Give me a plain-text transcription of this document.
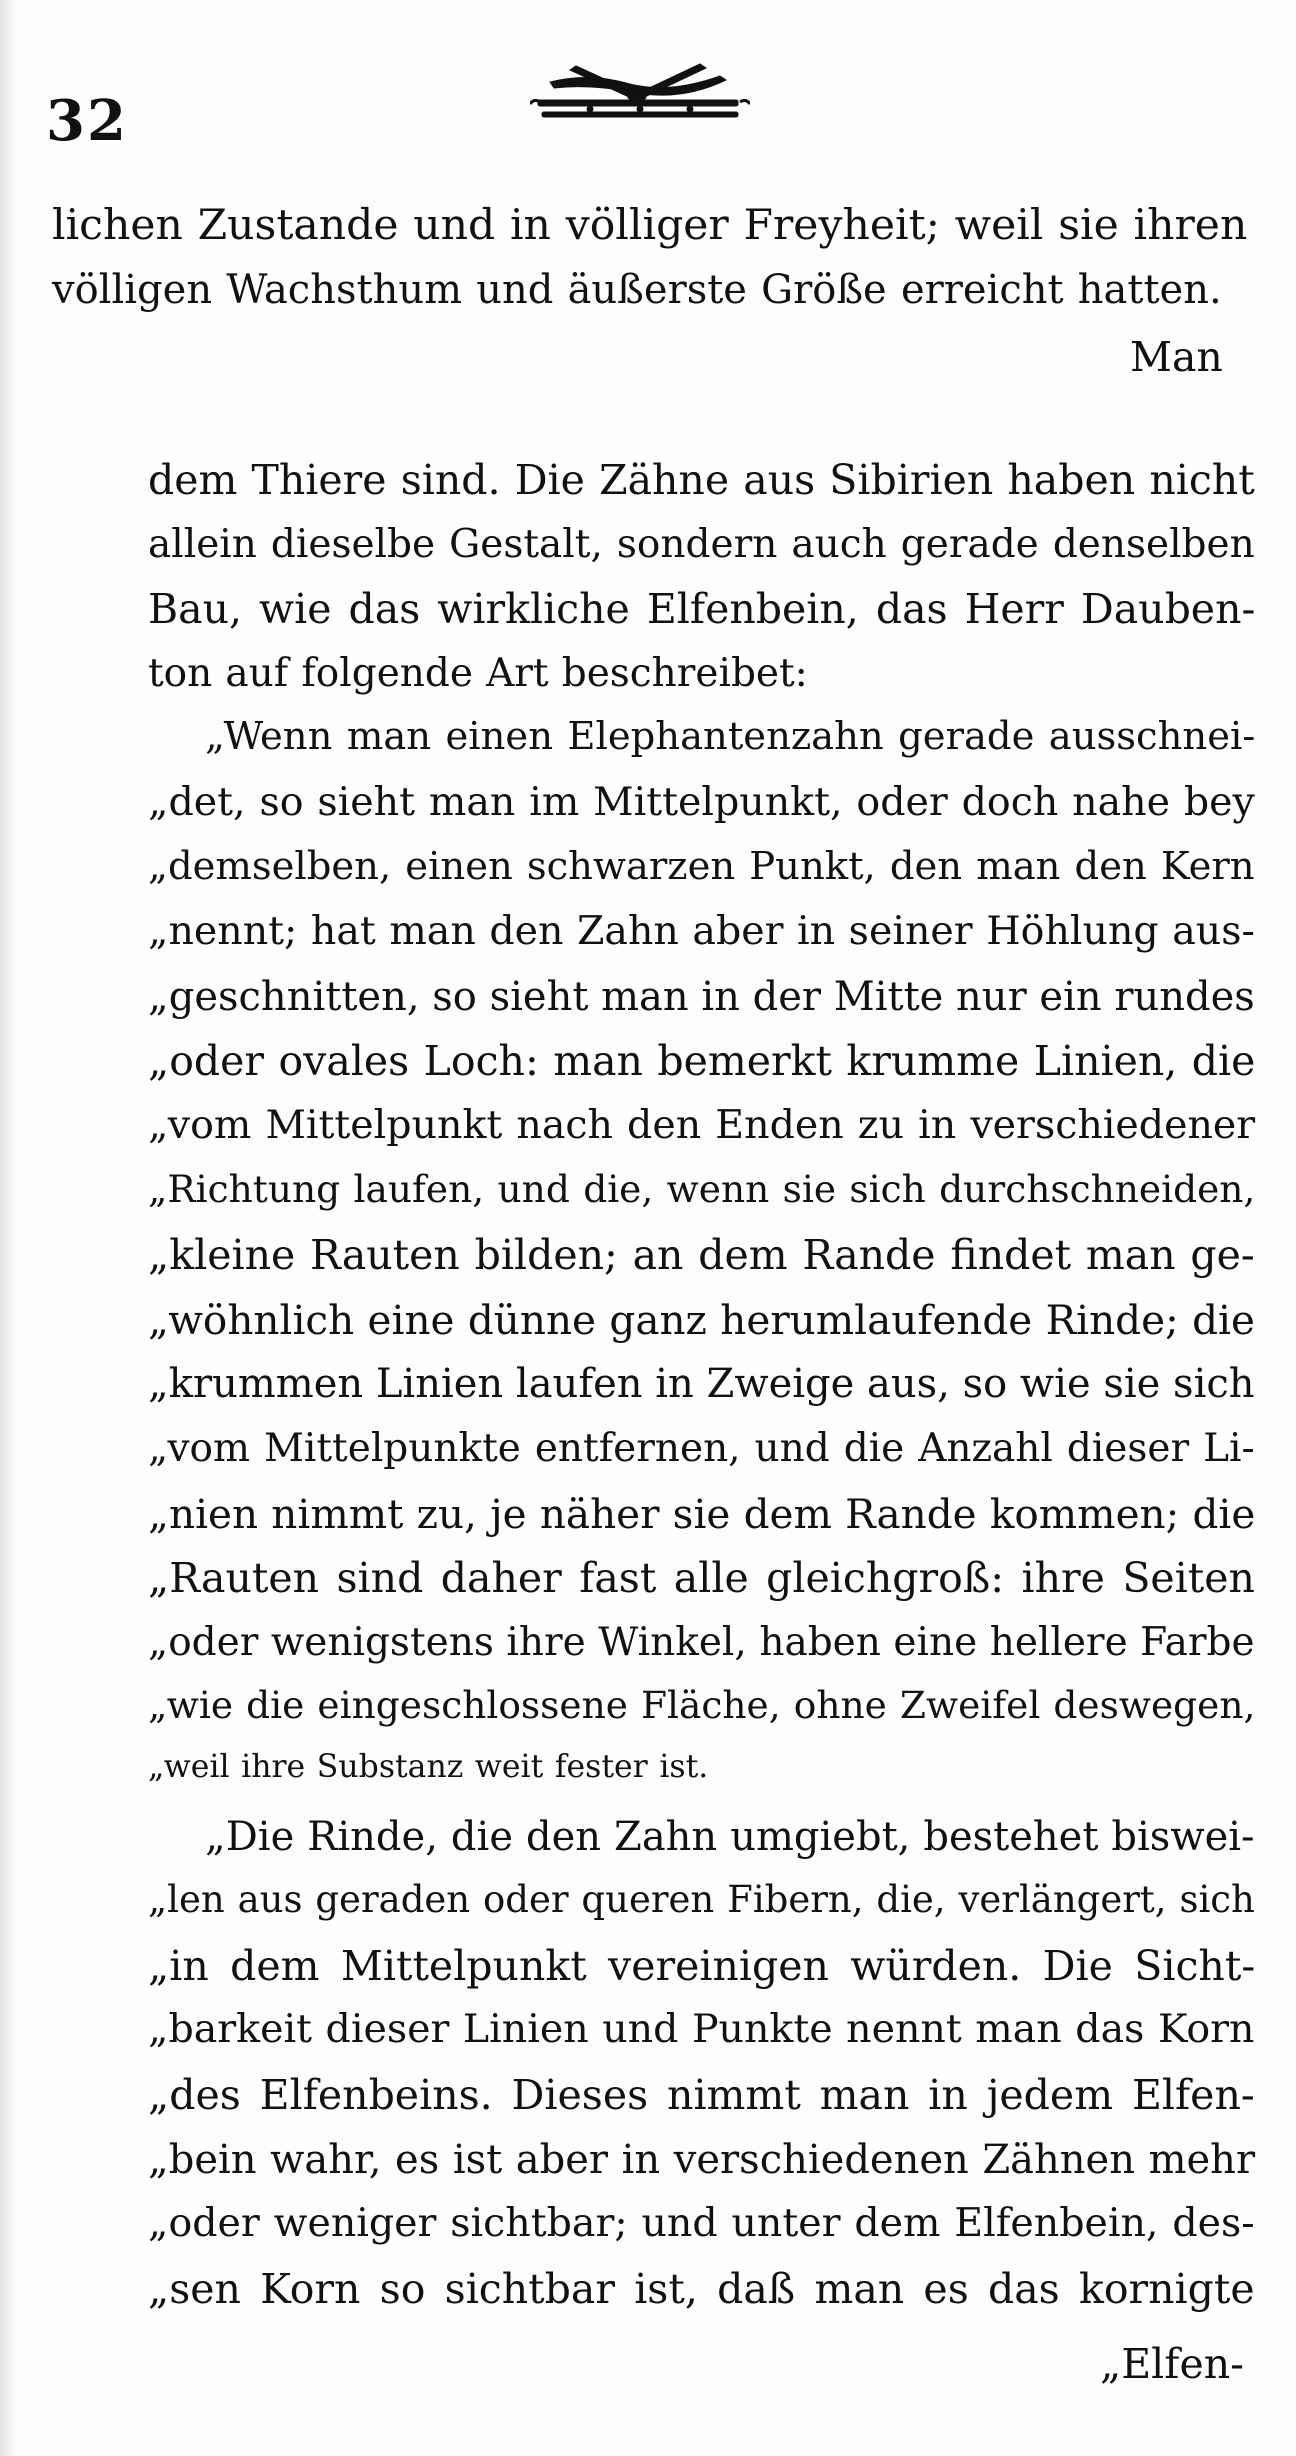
32
lichen Zustande und in völliger Freyheit; weil sie ihren
völligen Wachsthum und äußerste Größe erreicht hatten.
Man
dem Thiere sind. Die Zähne aus Sibirien haben nicht
allein dieselbe Gestalt, sondern auch gerade denselben
Bau, wie das wirkliche Elfenbein, das Herr Dauben-
ton auf folgende Art beschreibet:
„Wenn man einen Elephantenzahn gerade ausschnei-
„det, so sieht man im Mittelpunkt, oder doch nahe bey
„demselben, einen schwarzen Punkt, den man den Kern
„nennt; hat man den Zahn aber in seiner Höhlung aus-
„geschnitten, so sieht man in der Mitte nur ein rundes
„oder ovales Loch: man bemerkt krumme Linien, die
„vom Mittelpunkt nach den Enden zu in verschiedener
„Richtung laufen, und die, wenn sie sich durchschneiden,
„kleine Rauten bilden; an dem Rande findet man ge-
„wöhnlich eine dünne ganz herumlaufende Rinde; die
„krummen Linien laufen in Zweige aus, so wie sie sich
„vom Mittelpunkte entfernen, und die Anzahl dieser Li-
„nien nimmt zu, je näher sie dem Rande kommen; die
„Rauten sind daher fast alle gleichgroß: ihre Seiten
„oder wenigstens ihre Winkel, haben eine hellere Farbe
„wie die eingeschlossene Fläche, ohne Zweifel deswegen,
„weil ihre Substanz weit fester ist.
„Die Rinde, die den Zahn umgiebt, bestehet biswei-
„len aus geraden oder queren Fibern, die, verlängert, sich
„in dem Mittelpunkt vereinigen würden. Die Sicht-
„barkeit dieser Linien und Punkte nennt man das Korn
„des Elfenbeins. Dieses nimmt man in jedem Elfen-
„bein wahr, es ist aber in verschiedenen Zähnen mehr
„oder weniger sichtbar; und unter dem Elfenbein, des-
„sen Korn so sichtbar ist, daß man es das kornigte
„Elfen-
